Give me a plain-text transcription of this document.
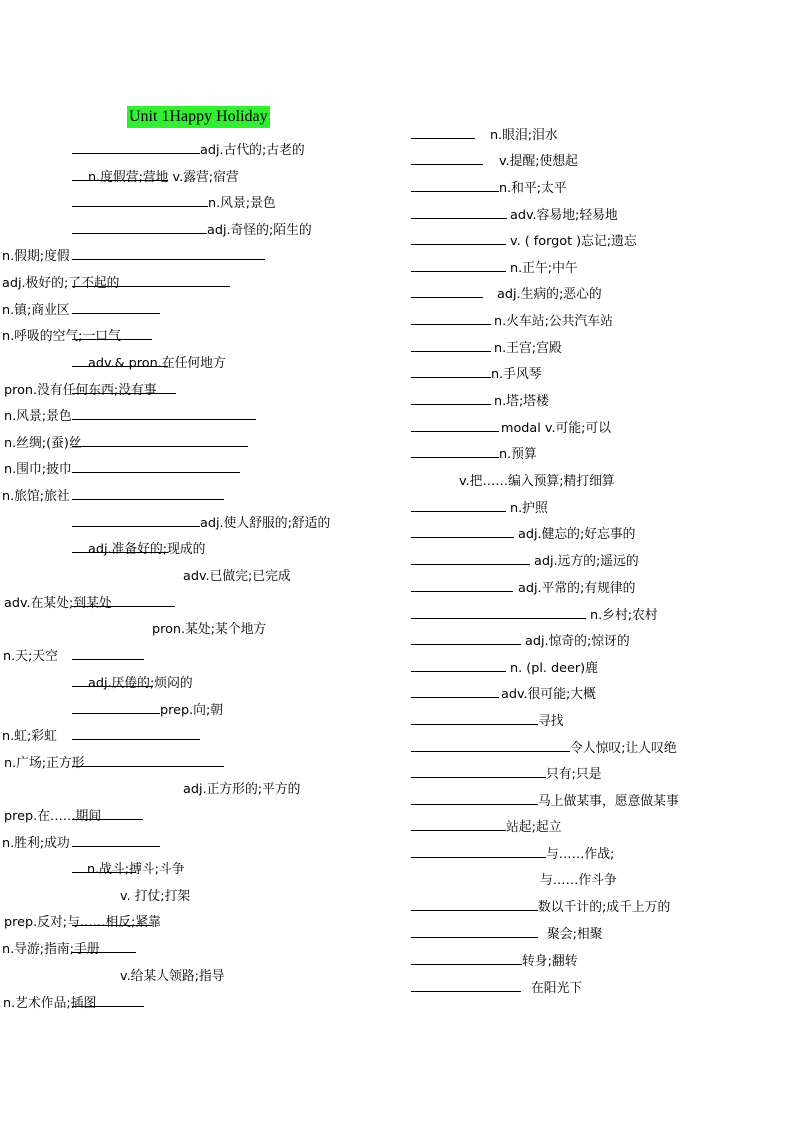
Unit 1Happy Holiday
adj.古代的;古老的
n.度假营;营地 v.露营;宿营
n.风景;景色
adj.奇怪的;陌生的
n.假期;度假
adj.极好的;了不起的
n.镇;商业区
n.呼吸的空气;一口气
adv.& pron.在任何地方
pron.没有任何东西;没有事
n.风景;景色
n.丝绸;(蚕)丝
n.围巾;披巾
n.旅馆;旅社
adj.使人舒服的;舒适的
adj.准备好的;现成的
adv.已做完;已完成
adv.在某处;到某处
pron.某处;某个地方
n.天;天空
adj.厌倦的;烦闷的
prep.向;朝
n.虹;彩虹
n.广场;正方形
adj.正方形的;平方的
prep.在……期间
n.胜利;成功
n.战斗;搏斗;斗争
v. 打仗;打架
prep.反对;与……相反;紧靠
n.导游;指南;手册
v.给某人领路;指导
n.艺术作品;插图
n.眼泪;泪水
v.提醒;使想起
n.和平;太平
adv.容易地;轻易地
v. ( forgot )忘记;遗忘
n.正午;中午
adj.生病的;恶心的
n.火车站;公共汽车站
n.王宫;宫殿
n.手风琴
n.塔;塔楼
modal v.可能;可以
n.预算
v.把……编入预算;精打细算
n.护照
adj.健忘的;好忘事的
adj.远方的;遥远的
adj.平常的;有规律的
n.乡村;农村
adj.惊奇的;惊讶的
n. (pl. deer)鹿
adv.很可能;大概
寻找
令人惊叹;让人叹绝
只有;只是
马上做某事，愿意做某事
站起;起立
与……作战;
与……作斗争
数以千计的;成千上万的
聚会;相聚
转身;翻转
在阳光下
